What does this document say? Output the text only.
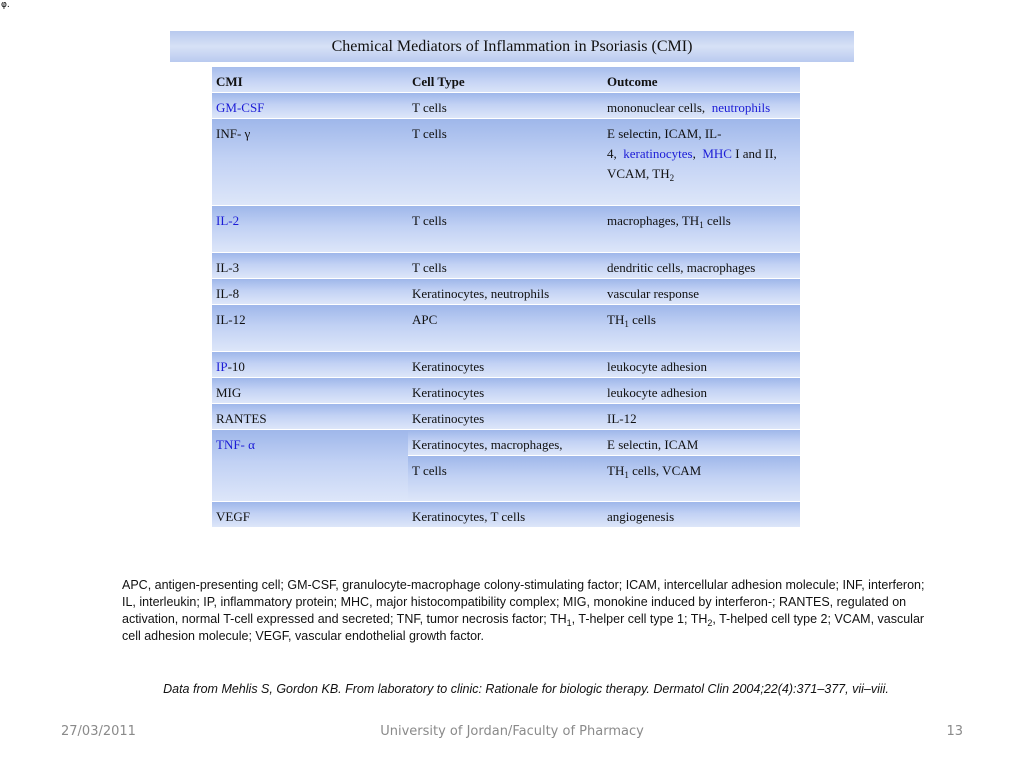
φ.
Chemical Mediators of Inflammation in Psoriasis (CMI)
CMI	Cell Type	Outcome
GM-CSF	T cells	mononuclear cells,  neutrophils
INF- γ	T cells	E selectin, ICAM, IL-
4,  keratinocytes,  MHC I and II,
VCAM, $TH_2$
IL-2	T cells	macrophages, $TH_1$ cells
IL-3	T cells	dendritic cells, macrophages
IL-8	Keratinocytes, neutrophils	vascular response
IL-12	APC	$TH_1$ cells
IP-10	Keratinocytes	leukocyte adhesion
MIG	Keratinocytes	leukocyte adhesion
RANTES	Keratinocytes	IL-12
TNF- α	Keratinocytes, macrophages,	E selectin, ICAM
	T cells	$TH_1$ cells, VCAM
VEGF	Keratinocytes, T cells	angiogenesis
APC, antigen-presenting cell; GM-CSF, granulocyte-macrophage colony-stimulating factor; ICAM, intercellular adhesion molecule; INF, interferon; IL, interleukin; IP, inflammatory protein; MHC, major histocompatibility complex; MIG, monokine induced by interferon-; RANTES, regulated on activation, normal T-cell expressed and secreted; TNF, tumor necrosis factor; $TH_1$, T-helper cell type 1; $TH_2$, T-helped cell type 2; VCAM, vascular cell adhesion molecule; VEGF, vascular endothelial growth factor.
Data from Mehlis S, Gordon KB. From laboratory to clinic: Rationale for biologic therapy. Dermatol Clin 2004;22(4):371–377, vii–viii.
27/03/2011	University of Jordan/Faculty of Pharmacy	13
